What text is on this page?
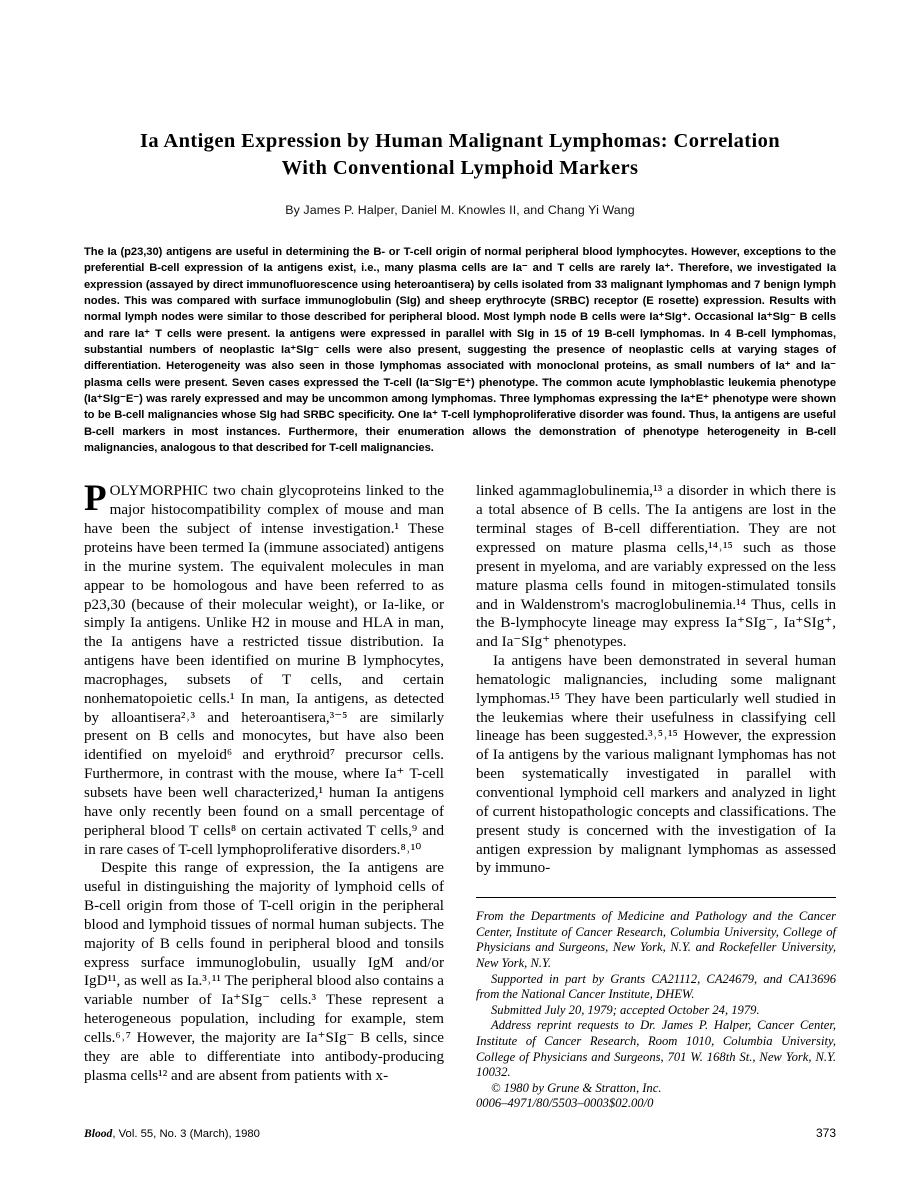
Ia Antigen Expression by Human Malignant Lymphomas: Correlation
With Conventional Lymphoid Markers
By James P. Halper, Daniel M. Knowles II, and Chang Yi Wang
The Ia (p23,30) antigens are useful in determining the B- or T-cell origin of normal peripheral blood lymphocytes. However, exceptions to the preferential B-cell expression of Ia antigens exist, i.e., many plasma cells are Ia⁻ and T cells are rarely Ia⁺. Therefore, we investigated Ia expression (assayed by direct immunofluorescence using heteroantisera) by cells isolated from 33 malignant lymphomas and 7 benign lymph nodes. This was compared with surface immunoglobulin (SIg) and sheep erythrocyte (SRBC) receptor (E rosette) expression. Results with normal lymph nodes were similar to those described for peripheral blood. Most lymph node B cells were Ia⁺SIg⁺. Occasional Ia⁺SIg⁻ B cells and rare Ia⁺ T cells were present. Ia antigens were expressed in parallel with SIg in 15 of 19 B-cell lymphomas. In 4 B-cell lymphomas, substantial numbers of neoplastic Ia⁺SIg⁻ cells were also present, suggesting the presence of neoplastic cells at varying stages of differentiation. Heterogeneity was also seen in those lymphomas associated with monoclonal proteins, as small numbers of Ia⁺ and Ia⁻ plasma cells were present. Seven cases expressed the T-cell (Ia⁻SIg⁻E⁺) phenotype. The common acute lymphoblastic leukemia phenotype (Ia⁺SIg⁻E⁻) was rarely expressed and may be uncommon among lymphomas. Three lymphomas expressing the Ia⁺E⁺ phenotype were shown to be B-cell malignancies whose SIg had SRBC specificity. One Ia⁺ T-cell lymphoproliferative disorder was found. Thus, Ia antigens are useful B-cell markers in most instances. Furthermore, their enumeration allows the demonstration of phenotype heterogeneity in B-cell malignancies, analogous to that described for T-cell malignancies.

POLYMORPHIC two chain glycoproteins linked to the major histocompatibility complex of mouse and man have been the subject of intense investigation.¹ These proteins have been termed Ia (immune associated) antigens in the murine system. The equivalent molecules in man appear to be homologous and have been referred to as p23,30 (because of their molecular weight), or Ia-like, or simply Ia antigens. Unlike H2 in mouse and HLA in man, the Ia antigens have a restricted tissue distribution. Ia antigens have been identified on murine B lymphocytes, macrophages, subsets of T cells, and certain nonhematopoietic cells.¹ In man, Ia antigens, as detected by alloantisera²˒³ and heteroantisera,³⁻⁵ are similarly present on B cells and monocytes, but have also been identified on myeloid⁶ and erythroid⁷ precursor cells. Furthermore, in contrast with the mouse, where Ia⁺ T-cell subsets have been well characterized,¹ human Ia antigens have only recently been found on a small percentage of peripheral blood T cells⁸ on certain activated T cells,⁹ and in rare cases of T-cell lymphoproliferative disorders.⁸˒¹⁰

Despite this range of expression, the Ia antigens are useful in distinguishing the majority of lymphoid cells of B-cell origin from those of T-cell origin in the peripheral blood and lymphoid tissues of normal human subjects. The majority of B cells found in peripheral blood and tonsils express surface immunoglobulin, usually IgM and/or IgD¹¹, as well as Ia.³˒¹¹ The peripheral blood also contains a variable number of Ia⁺SIg⁻ cells.³ These represent a heterogeneous population, including for example, stem cells.⁶˒⁷ However, the majority are Ia⁺SIg⁻ B cells, since they are able to differentiate into antibody-producing plasma cells¹² and are absent from patients with x-

linked agammaglobulinemia,¹³ a disorder in which there is a total absence of B cells. The Ia antigens are lost in the terminal stages of B-cell differentiation. They are not expressed on mature plasma cells,¹⁴˒¹⁵ such as those present in myeloma, and are variably expressed on the less mature plasma cells found in mitogen-stimulated tonsils and in Waldenstrom's macroglobulinemia.¹⁴ Thus, cells in the B-lymphocyte lineage may express Ia⁺SIg⁻, Ia⁺SIg⁺, and Ia⁻SIg⁺ phenotypes.

Ia antigens have been demonstrated in several human hematologic malignancies, including some malignant lymphomas.¹⁵ They have been particularly well studied in the leukemias where their usefulness in classifying cell lineage has been suggested.³˒⁵˒¹⁵ However, the expression of Ia antigens by the various malignant lymphomas has not been systematically investigated in parallel with conventional lymphoid cell markers and analyzed in light of current histopathologic concepts and classifications. The present study is concerned with the investigation of Ia antigen expression by malignant lymphomas as assessed by immuno-

From the Departments of Medicine and Pathology and the Cancer Center, Institute of Cancer Research, Columbia University, College of Physicians and Surgeons, New York, N.Y. and Rockefeller University, New York, N.Y.

Supported in part by Grants CA21112, CA24679, and CA13696 from the National Cancer Institute, DHEW.

Submitted July 20, 1979; accepted October 24, 1979.

Address reprint requests to Dr. James P. Halper, Cancer Center, Institute of Cancer Research, Room 1010, Columbia University, College of Physicians and Surgeons, 701 W. 168th St., New York, N.Y. 10032.

© 1980 by Grune & Stratton, Inc.

0006–4971/80/5503–0003$02.00/0

Blood, Vol. 55, No. 3 (March), 1980	373
